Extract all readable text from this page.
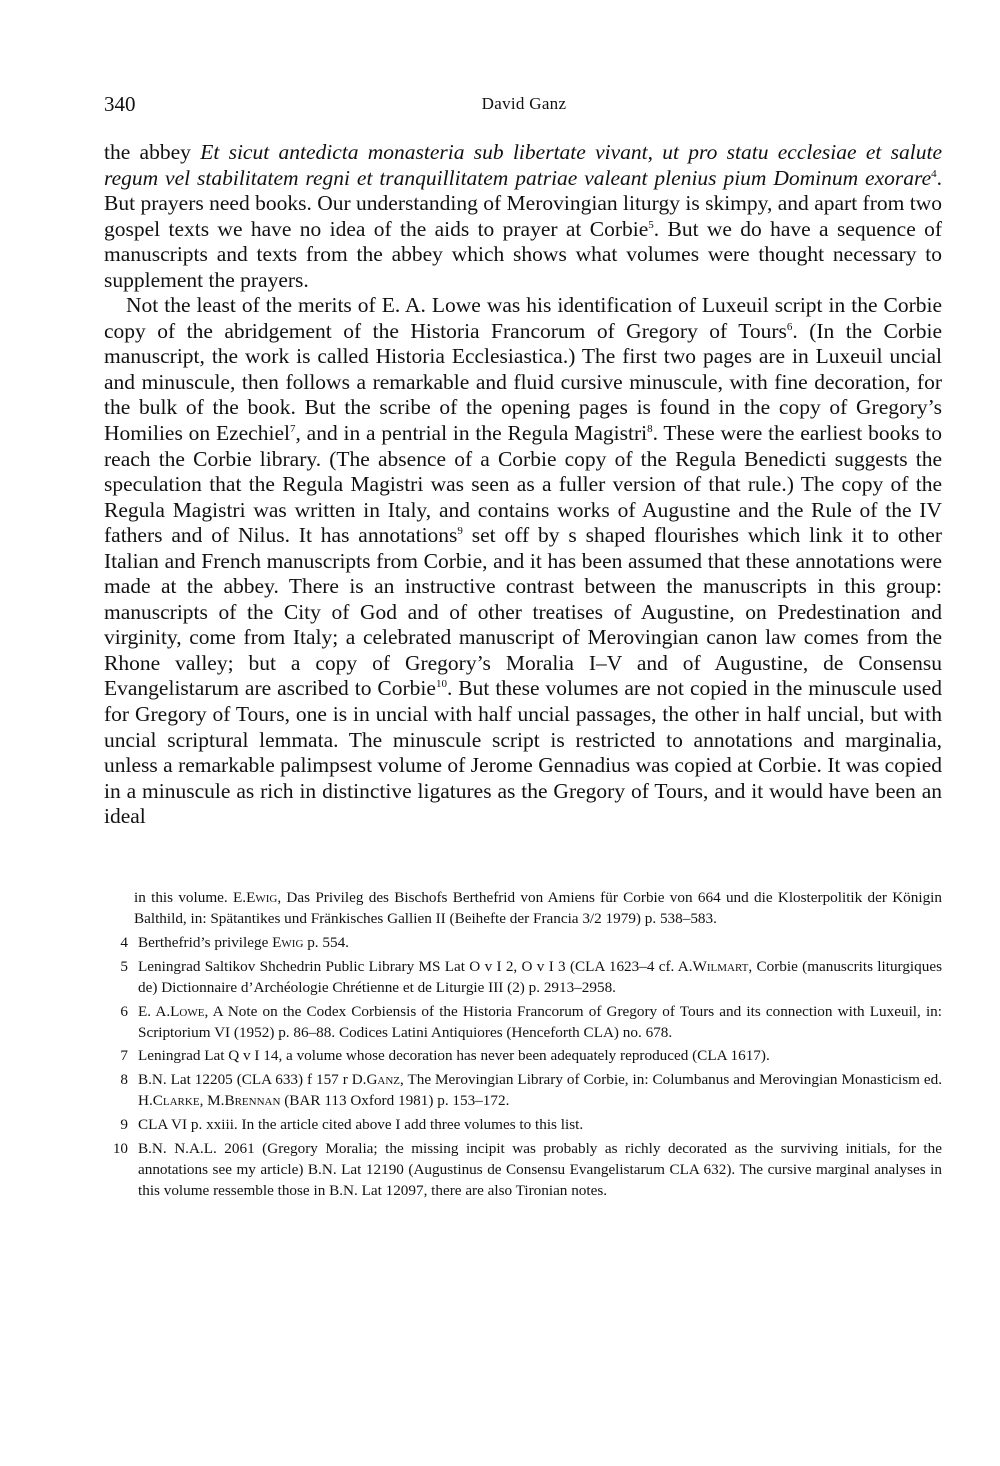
340	David Ganz

the abbey Et sicut antedicta monasteria sub libertate vivant, ut pro statu ecclesiae et salute regum vel stabilitatem regni et tranquillitatem patriae valeant plenius pium Dominum exorare$^4$. But prayers need books. Our understanding of Merovingian liturgy is skimpy, and apart from two gospel texts we have no idea of the aids to prayer at Corbie$^5$. But we do have a sequence of manuscripts and texts from the abbey which shows what volumes were thought necessary to supplement the prayers.

Not the least of the merits of E. A. Lowe was his identification of Luxeuil script in the Corbie copy of the abridgement of the Historia Francorum of Gregory of Tours$^6$. (In the Corbie manuscript, the work is called Historia Ecclesiastica.) The first two pages are in Luxeuil uncial and minuscule, then follows a remarkable and fluid cursive minuscule, with fine decoration, for the bulk of the book. But the scribe of the opening pages is found in the copy of Gregory’s Homilies on Ezechiel$^7$, and in a pentrial in the Regula Magistri$^8$. These were the earliest books to reach the Corbie library. (The absence of a Corbie copy of the Regula Benedicti suggests the speculation that the Regula Magistri was seen as a fuller version of that rule.) The copy of the Regula Magistri was written in Italy, and contains works of Augustine and the Rule of the IV fathers and of Nilus. It has annotations$^9$ set off by s shaped flourishes which link it to other Italian and French manuscripts from Corbie, and it has been assumed that these annotations were made at the abbey. There is an instructive contrast between the manuscripts in this group: manuscripts of the City of God and of other treatises of Augustine, on Predestination and virginity, come from Italy; a celebrated manuscript of Merovingian canon law comes from the Rhone valley; but a copy of Gregory’s Moralia I–V and of Augustine, de Consensu Evangelistarum are ascribed to Corbie$^{10}$. But these volumes are not copied in the minuscule used for Gregory of Tours, one is in uncial with half uncial passages, the other in half uncial, but with uncial scriptural lemmata. The minuscule script is restricted to annotations and marginalia, unless a remarkable palimpsest volume of Jerome Gennadius was copied at Corbie. It was copied in a minuscule as rich in distinctive ligatures as the Gregory of Tours, and it would have been an ideal

in this volume. E.Ewig, Das Privileg des Bischofs Berthefrid von Amiens für Corbie von 664 und die Klosterpolitik der Königin Balthild, in: Spätantikes und Fränkisches Gallien II (Beihefte der Francia 3/2 1979) p. 538–583.
4 Berthefrid’s privilege Ewig p. 554.
5 Leningrad Saltikov Shchedrin Public Library MS Lat O v I 2, O v I 3 (CLA 1623–4 cf. A.Wilmart, Corbie (manuscrits liturgiques de) Dictionnaire d’Archéologie Chrétienne et de Liturgie III (2) p. 2913–2958.
6 E. A.Lowe, A Note on the Codex Corbiensis of the Historia Francorum of Gregory of Tours and its connection with Luxeuil, in: Scriptorium VI (1952) p. 86–88. Codices Latini Antiquiores (Henceforth CLA) no. 678.
7 Leningrad Lat Q v I 14, a volume whose decoration has never been adequately reproduced (CLA 1617).
8 B.N. Lat 12205 (CLA 633) f 157 r D.Ganz, The Merovingian Library of Corbie, in: Columbanus and Merovingian Monasticism ed. H.Clarke, M.Brennan (BAR 113 Oxford 1981) p. 153–172.
9 CLA VI p. xxiii. In the article cited above I add three volumes to this list.
10 B.N. N.A.L. 2061 (Gregory Moralia; the missing incipit was probably as richly decorated as the surviving initials, for the annotations see my article) B.N. Lat 12190 (Augustinus de Consensu Evangelistarum CLA 632). The cursive marginal analyses in this volume ressemble those in B.N. Lat 12097, there are also Tironian notes.
